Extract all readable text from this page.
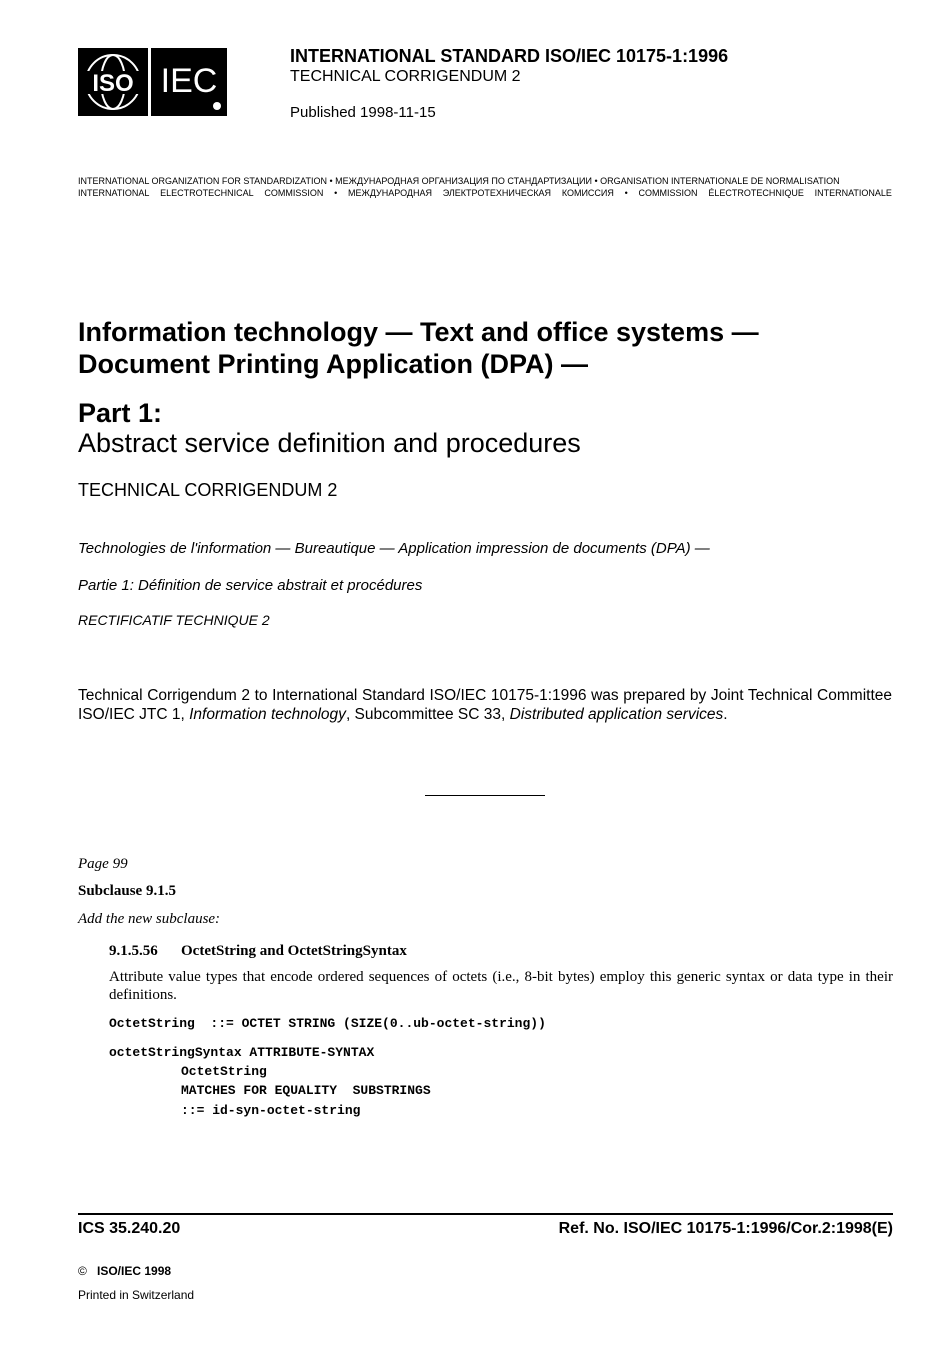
ISO IEC
INTERNATIONAL STANDARD ISO/IEC 10175-1:1996
TECHNICAL CORRIGENDUM 2
Published 1998-11-15
INTERNATIONAL ORGANIZATION FOR STANDARDIZATION • МЕЖДУНАРОДНАЯ ОРГАНИЗАЦИЯ ПО СТАНДАРТИЗАЦИИ • ORGANISATION INTERNATIONALE DE NORMALISATION
INTERNATIONAL ELECTROTECHNICAL COMMISSION • МЕЖДУНАРОДНАЯ ЭЛЕКТРОТЕХНИЧЕСКАЯ КОМИССИЯ • COMMISSION ÉLECTROTECHNIQUE INTERNATIONALE
Information technology — Text and office systems —
Document Printing Application (DPA) —
Part 1:
Abstract service definition and procedures
TECHNICAL CORRIGENDUM 2
Technologies de l'information — Bureautique — Application impression de documents (DPA) —
Partie 1: Définition de service abstrait et procédures
RECTIFICATIF TECHNIQUE 2
Technical Corrigendum 2 to International Standard ISO/IEC 10175-1:1996 was prepared by Joint Technical Committee ISO/IEC JTC 1, Information technology, Subcommittee SC 33, Distributed application services.
Page 99
Subclause 9.1.5
Add the new subclause:
9.1.5.56 OctetString and OctetStringSyntax
Attribute value types that encode ordered sequences of octets (i.e., 8-bit bytes) employ this generic syntax or data type in their definitions.
OctetString  ::= OCTET STRING (SIZE(0..ub-octet-string))
octetStringSyntax ATTRIBUTE-SYNTAX
OctetString
MATCHES FOR EQUALITY  SUBSTRINGS
::= id-syn-octet-string
ICS 35.240.20	Ref. No. ISO/IEC 10175-1:1996/Cor.2:1998(E)
© ISO/IEC 1998
Printed in Switzerland
